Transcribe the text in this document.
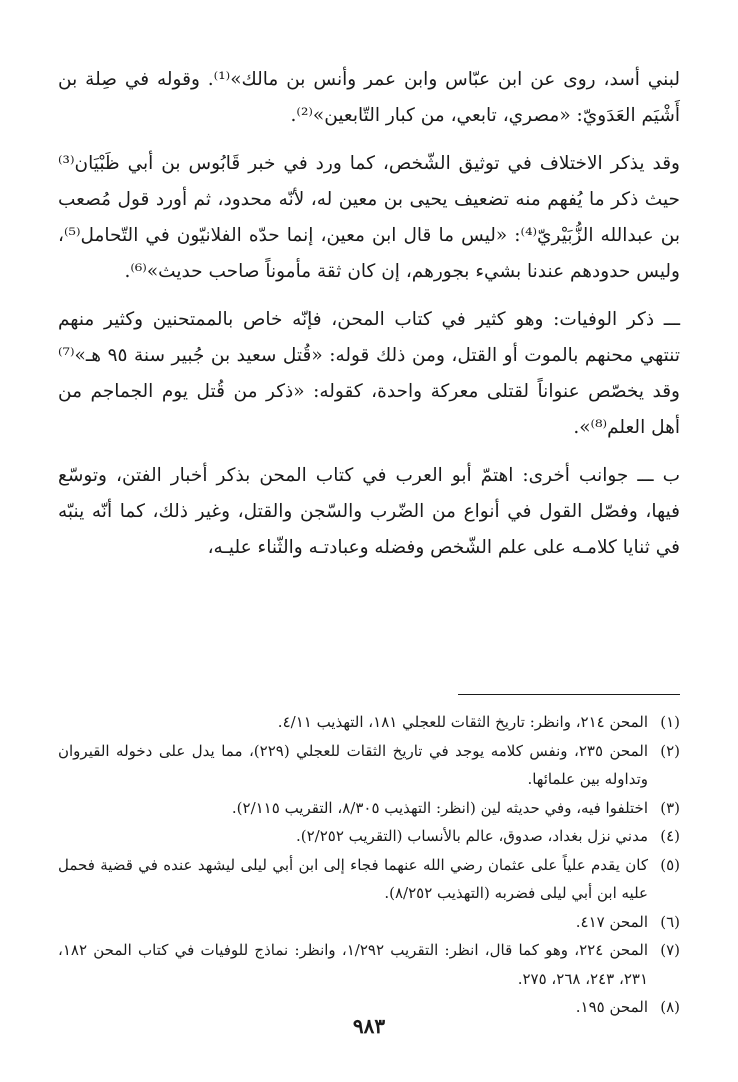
لبني أسد، روى عن ابن عبّاس وابن عمر وأنس بن مالك»⁽¹⁾. وقوله في صِلة بن أَشْيَم العَدَويّ: «مصري، تابعي، من كبار التّابعين»⁽²⁾.

وقد يذكر الاختلاف في توثيق الشّخص، كما ورد في خبر قَابُوس بن أبي ظَبْيَان⁽³⁾ حيث ذكر ما يُفهم منه تضعيف يحيى بن معين له، لأنّه محدود، ثم أورد قول مُصعب بن عبدالله الزُّبَيْريّ⁽⁴⁾: «ليس ما قال ابن معين، إنما حدّه الفلانيّون في التّحامل⁽⁵⁾، وليس حدودهم عندنا بشيء بجورهم، إن كان ثقة مأموناً صاحب حديث»⁽⁶⁾.

ـــ ذكر الوفيات: وهو كثير في كتاب المحن، فإنّه خاص بالممتحنين وكثير منهم تنتهي محنهم بالموت أو القتل، ومن ذلك قوله: «قُتل سعيد بن جُبير سنة ٩٥ هـ»⁽⁷⁾ وقد يخصّص عنواناً لقتلى معركة واحدة، كقوله: «ذكر من قُتل يوم الجماجم من أهل العلم⁽⁸⁾».

ب ـــ جوانب أخرى: اهتمّ أبو العرب في كتاب المحن بذكر أخبار الفتن، وتوسّع فيها، وفصّل القول في أنواع من الضّرب والسّجن والقتل، وغير ذلك، كما أنّه ينبّه في ثنايا كلامـه على علم الشّخص وفضله وعبادتـه والثّناء عليـه،

(١)
المحن ٢١٤، وانظر: تاريخ الثقات للعجلي ١٨١، التهذيب ٤/١١.
(٢)
المحن ٢٣٥، ونفس كلامه يوجد في تاريخ الثقات للعجلي (٢٢٩)، مما يدل على دخوله القيروان وتداوله بين علمائها.
(٣)
اختلفوا فيه، وفي حديثه لين (انظر: التهذيب ٨/٣٠٥، التقريب ٢/١١٥).
(٤)
مدني نزل بغداد، صدوق، عالم بالأنساب (التقريب ٢/٢٥٢).
(٥)
كان يقدم علياً على عثمان رضي الله عنهما فجاء إلى ابن أبي ليلى ليشهد عنده في قضية فحمل عليه ابن أبي ليلى فضربه (التهذيب ٨/٢٥٢).
(٦)
المحن ٤١٧.
(٧)
المحن ٢٢٤، وهو كما قال، انظر: التقريب ١/٢٩٢، وانظر: نماذج للوفيات في كتاب المحن ١٨٢، ٢٣١، ٢٤٣، ٢٦٨، ٢٧٥.
(٨)
المحن ١٩٥.
٩٨٣
